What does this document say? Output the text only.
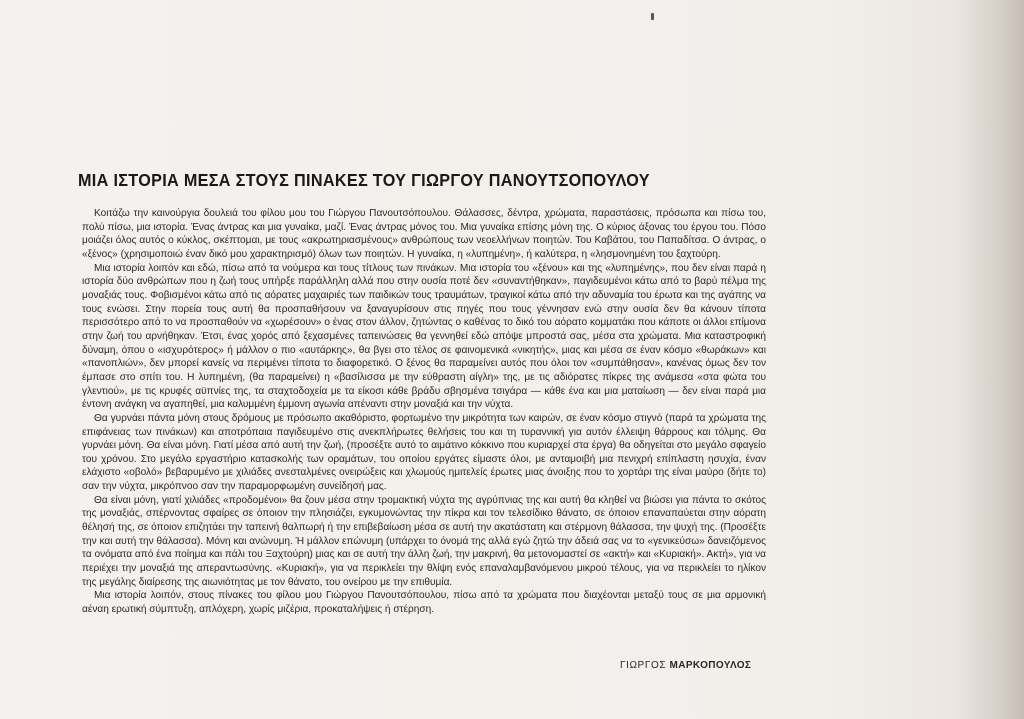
ΜΙΑ ΙΣΤΟΡΙΑ ΜΕΣΑ ΣΤΟΥΣ ΠΙΝΑΚΕΣ ΤΟΥ ΓΙΩΡΓΟΥ ΠΑΝΟΥΤΣΟΠΟΥΛΟΥ

Κοιτάζω την καινούργια δουλειά του φίλου μου του Γιώργου Πανουτσόπουλου. Θάλασσες, δέντρα, χρώματα, παραστάσεις, πρόσωπα και πίσω του, πολύ πίσω, μια ιστορία. Ένας άντρας και μια γυναίκα, μαζί. Ένας άντρας μόνος του. Μια γυναίκα επίσης μόνη της. Ο κύριος άξονας του έργου του. Πόσο μοιάζει όλος αυτός ο κύκλος, σκέπτομαι, με τους «ακρωτηριασμένους» ανθρώπους των νεοελλήνων ποιητών. Του Καβάτου, του Παπαδίτσα. Ο άντρας, ο «ξένος» (χρησιμοποιώ έναν δικό μου χαρακτηρισμό) όλων των ποιητών. Η γυναίκα, η «λυπημένη», ή καλύτερα, η «λησμονημένη του ξαχτούρη.

Μια ιστορία λοιπόν και εδώ, πίσω από τα νούμερα και τους τίτλους των πινάκων. Μια ιστορία του «ξένου» και της «λυπημένης», που δεν είναι παρά η ιστορία δύο ανθρώπων που η ζωή τους υπήρξε παράλληλη αλλά που στην ουσία ποτέ δεν «συναντήθηκαν», παγιδευμένοι κάτω από το βαρύ πέλμα της μοναξιάς τους. Φοβισμένοι κάτω από τις αόρατες μαχαιριές των παιδικών τους τραυμάτων, τραγικοί κάτω από την αδυναμία του έρωτα και της αγάπης να τους ενώσει. Στην πορεία τους αυτή θα προσπαθήσουν να ξαναγυρίσουν στις πηγές που τους γέννησαν ενώ στην ουσία δεν θα κάνουν τίποτα περισσότερο από το να προσπαθούν να «χωρέσουν» ο ένας στον άλλον, ζητώντας ο καθένας το δικό του αόρατο κομματάκι που κάποτε οι άλλοι επίμονα στην ζωή του αρνήθηκαν. Έτσι, ένας χορός από ξεχασμένες ταπεινώσεις θα γεννηθεί εδώ απόψε μπροστά σας, μέσα στα χρώματα. Μια καταστροφική δύναμη, όπου ο «ισχυρότερος» ή μάλλον ο πιο «αυτάρκης», θα βγει στο τέλος σε φαινομενικά «νικητής», μιας και μέσα σε έναν κόσμο «θωράκων» και «πανοπλιών», δεν μπορεί κανείς να περιμένει τίποτα το διαφορετικό. Ο ξένος θα παραμείνει αυτός που όλοι τον «συμπάθησαν», κανένας όμως δεν τον έμπασε στο σπίτι του. Η λυπημένη, (θα παραμείνει) η «βασίλισσα με την εύθραστη αίγλη» της, με τις αδιόρατες πίκρες της ανάμεσα «στα φώτα του γλεντιού», με τις κρυφές αϋπνίες της, τα σταχτοδοχεία με τα είκοσι κάθε βράδυ σβησμένα τσιγάρα — κάθε ένα και μια ματαίωση — δεν είναι παρά μια έντονη ανάγκη να αγαπηθεί, μια καλυμμένη έμμονη αγωνία απέναντι στην μοναξιά και την νύχτα.

Θα γυρνάει πάντα μόνη στους δρόμους με πρόσωπο ακαθόριστο, φορτωμένο την μικρότητα των καιρών, σε έναν κόσμο στιγνό (παρά τα χρώματα της επιφάνειας των πινάκων) και αποτρόπαια παγιδευμένο στις ανεκπλήρωτες θελήσεις του και τη τυραννική για αυτόν έλλειψη θάρρους και τόλμης. Θα γυρνάει μόνη. Θα είναι μόνη. Γιατί μέσα από αυτή την ζωή, (προσέξτε αυτό το αιμάτινο κόκκινο που κυριαρχεί στα έργα) θα οδηγείται στο μεγάλο σφαγείο του χρόνου. Στο μεγάλο εργαστήριο κατασκολής των οραμάτων, του οποίου εργάτες είμαστε όλοι, με ανταμοιβή μια πενιχρή επίπλαστη ησυχία, έναν ελάχιστο «οβολό» βεβαρυμένο με χιλιάδες ανεσταλμένες ονειρώξεις και χλωμούς ημιτελείς έρωτες μιας άνοιξης που το χορτάρι της είναι μαύρο (δήτε το) σαν την νύχτα, μικρόπνοο σαν την παραμορφωμένη συνείδησή μας.

Θα είναι μόνη, γιατί χιλιάδες «προδομένοι» θα ζουν μέσα στην τρομακτική νύχτα της αγρύπνιας της και αυτή θα κληθεί να βιώσει για πάντα το σκότος της μοναξιάς, σπέρνοντας σφαίρες σε όποιον την πλησιάζει, εγκυμονώντας την πίκρα και τον τελεσίδικο θάνατο, σε όποιον επαναπαύεται στην αόρατη θέλησή της, σε όποιον επιζητάει την ταπεινή θαλπωρή ή την επιβεβαίωση μέσα σε αυτή την ακατάστατη και στέρμονη θάλασσα, την ψυχή της. (Προσέξτε την και αυτή την θάλασσα). Μόνη και ανώνυμη. Ή μάλλον επώνυμη (υπάρχει το όνομά της αλλά εγώ ζητώ την άδειά σας να το «γενικεύσω» δανειζόμενος τα ονόματα από ένα ποίημα και πάλι του Ξαχτούρη) μιας και σε αυτή την άλλη ζωή, την μακρινή, θα μετονομαστεί σε «ακτή» και «Κυριακή». Ακτή», για να περιέχει την μοναξιά της απεραντωσύνης. «Κυριακή», για να περικλείει την θλίψη ενός επαναλαμβανόμενου μικρού τέλους, για να περικλείει το ηλίκον της μεγάλης διαίρεσης της αιωνιότητας με τον θάνατο, του ονείρου με την επιθυμία.

Μια ιστορία λοιπόν, στους πίνακες του φίλου μου Γιώργου Πανουτσόπουλου, πίσω από τα χρώματα που διαχέονται μεταξύ τους σε μια αρμονική αέναη ερωτική σύμπτυξη, απλόχερη, χωρίς μιζέρια, προκαταλήψεις ή στέρηση.

ΓΙΩΡΓΟΣ ΜΑΡΚΟΠΟΥΛΟΣ
